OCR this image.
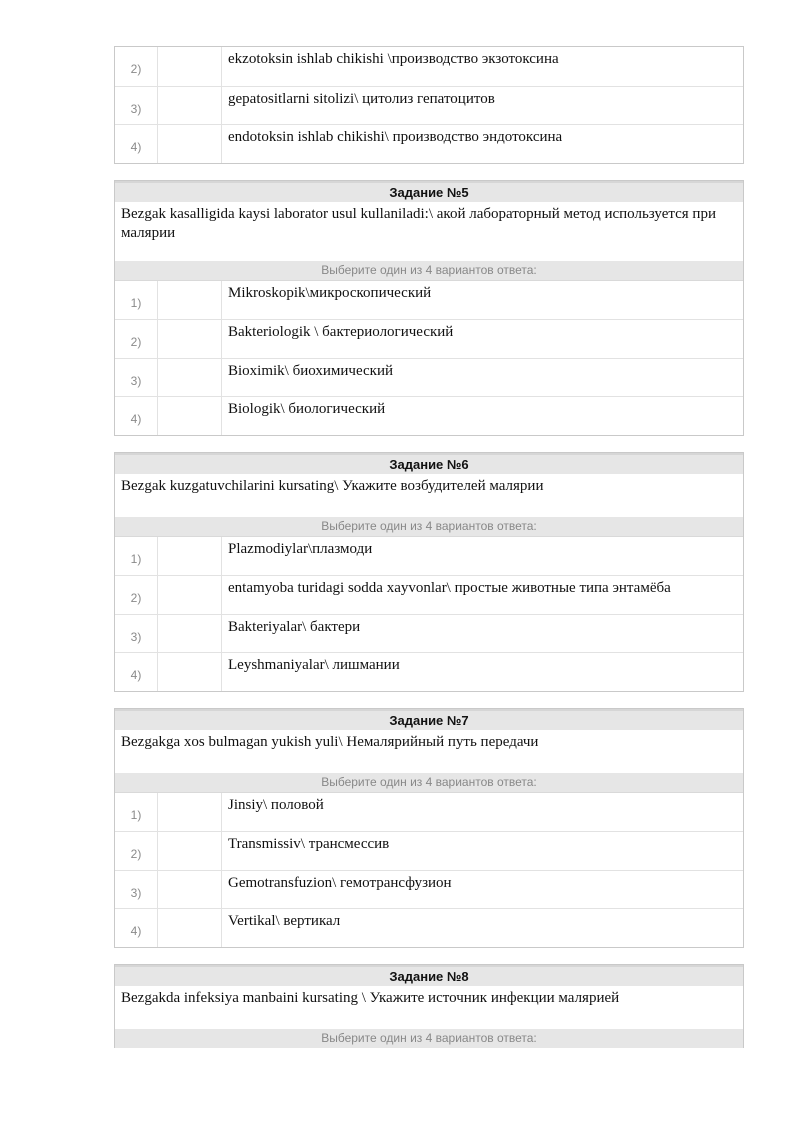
2)
ekzotoksin ishlab chikishi \производство экзотоксина
3)
gepatositlarni sitolizi\ цитолиз гепатоцитов
4)
endotoksin ishlab chikishi\ производство эндотоксина
Задание №5
Bezgak kasalligida kaysi laborator usul kullaniladi:\ акой лабораторный метод используется при малярии
Выберите один из 4 вариантов ответа:
1)
Mikroskopik\микроскопический
2)
Bakteriologik \ бактериологический
3)
Bioximik\ биохимический
4)
Biologik\ биологический
Задание №6
Bezgak kuzgatuvchilarini kursating\ Укажите возбудителей малярии
Выберите один из 4 вариантов ответа:
1)
Plazmodiylar\плазмоди
2)
entamyoba turidagi sodda xayvonlar\ простые животные типа энтамёба
3)
Bakteriyalar\ бактери
4)
Leyshmaniyalar\ лишмании
Задание №7
Bezgakga xos bulmagan yukish yuli\ Немалярийный путь передачи
Выберите один из 4 вариантов ответа:
1)
Jinsiy\ половой
2)
Transmissiv\ трансмессив
3)
Gemotransfuzion\ гемотрансфузион
4)
Vertikal\ вертикал
Задание №8
Bezgakda infeksiya manbaini kursating \ Укажите источник инфекции малярией
Выберите один из 4 вариантов ответа:
